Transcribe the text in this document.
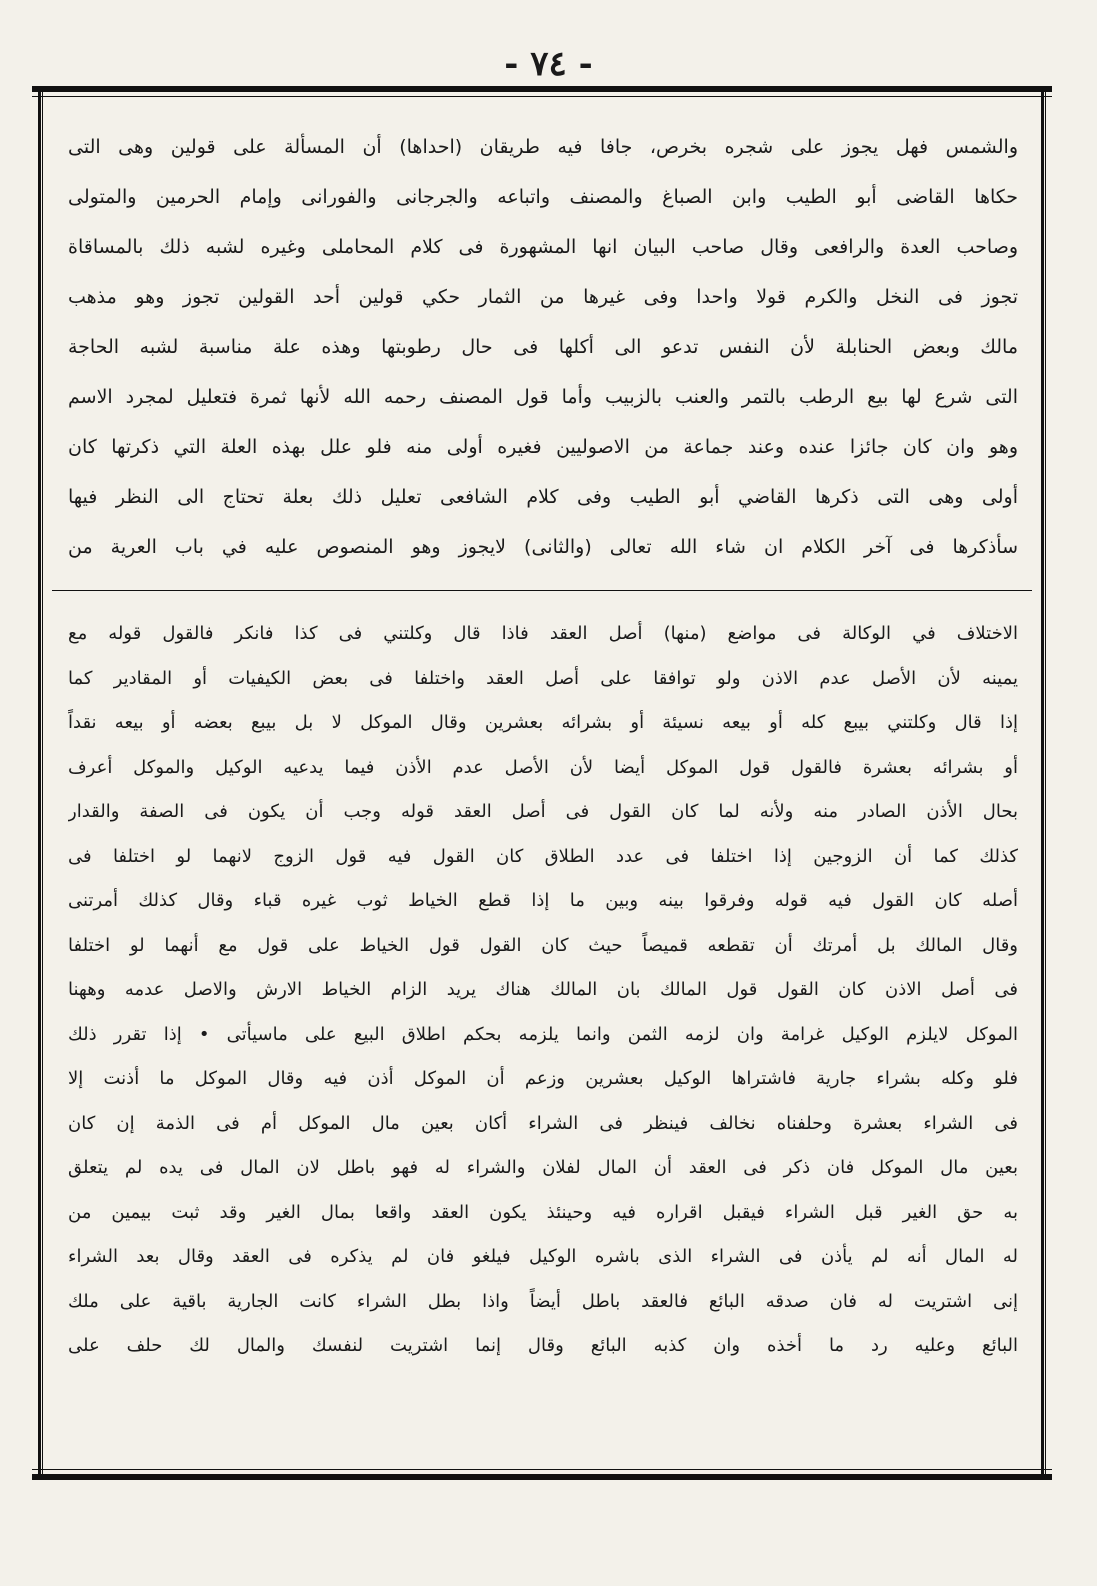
- ٧٤ -
والشمس فهل يجوز على شجره بخرص، جافا فيه طريقان (احداها) أن المسألة على قولين وهى التى
حكاها القاضى أبو الطيب وابن الصباغ والمصنف واتباعه والجرجانى والفورانى وإمام الحرمين والمتولى
وصاحب العدة والرافعى وقال صاحب البيان انها المشهورة فى كلام المحاملى وغيره لشبه ذلك بالمساقاة
تجوز فى النخل والكرم قولا واحدا وفى غيرها من الثمار حكي قولين أحد القولين تجوز وهو مذهب
مالك وبعض الحنابلة لأن النفس تدعو الى أكلها فى حال رطوبتها وهذه علة مناسبة لشبه الحاجة
التى شرع لها بيع الرطب بالتمر والعنب بالزبيب وأما قول المصنف رحمه الله لأنها ثمرة فتعليل لمجرد الاسم
وهو وان كان جائزا عنده وعند جماعة من الاصوليين فغيره أولى منه فلو علل بهذه العلة التي ذكرتها كان
أولى وهى التى ذكرها القاضي أبو الطيب وفى كلام الشافعى تعليل ذلك بعلة تحتاج الى النظر فيها
سأذكرها فى آخر الكلام ان شاء الله تعالى (والثانى) لايجوز وهو المنصوص عليه في باب العرية من
الاختلاف في الوكالة فى مواضع (منها) أصل العقد فاذا قال وكلتني فى كذا فانكر فالقول قوله مع
يمينه لأن الأصل عدم الاذن ولو توافقا على أصل العقد واختلفا فى بعض الكيفيات أو المقادير كما
إذا قال وكلتني بيبع كله أو بيعه نسيئة أو بشرائه بعشرين وقال الموكل لا بل بيبع بعضه أو بيعه نقداً
أو بشرائه بعشرة فالقول قول الموكل أيضا لأن الأصل عدم الأذن فيما يدعيه الوكيل والموكل أعرف
بحال الأذن الصادر منه ولأنه لما كان القول فى أصل العقد قوله وجب أن يكون فى الصفة والقدار
كذلك كما أن الزوجين إذا اختلفا فى عدد الطلاق كان القول فيه قول الزوج لانهما لو اختلفا فى
أصله كان القول فيه قوله وفرقوا بينه وبين ما إذا قطع الخياط ثوب غيره قباء وقال كذلك أمرتنى
وقال المالك بل أمرتك أن تقطعه قميصاً حيث كان القول قول الخياط على قول مع أنهما لو اختلفا
فى أصل الاذن كان القول قول المالك بان المالك هناك يريد الزام الخياط الارش والاصل عدمه وههنا
الموكل لايلزم الوكيل غرامة وان لزمه الثمن وانما يلزمه بحكم اطلاق البيع على ماسيأتى • إذا تقرر ذلك
فلو وكله بشراء جارية فاشتراها الوكيل بعشرين وزعم أن الموكل أذن فيه وقال الموكل ما أذنت إلا
فى الشراء بعشرة وحلفناه نخالف فينظر فى الشراء أكان بعين مال الموكل أم فى الذمة إن كان
بعين مال الموكل فان ذكر فى العقد أن المال لفلان والشراء له فهو باطل لان المال فى يده لم يتعلق
به حق الغير قبل الشراء فيقبل اقراره فيه وحينئذ يكون العقد واقعا بمال الغير وقد ثبت بيمين من
له المال أنه لم يأذن فى الشراء الذى باشره الوكيل فيلغو فان لم يذكره فى العقد وقال بعد الشراء
إنى اشتريت له فان صدقه البائع فالعقد باطل أيضاً واذا بطل الشراء كانت الجارية باقية على ملك
البائع وعليه رد ما أخذه وان كذبه البائع وقال إنما اشتريت لنفسك والمال لك حلف على
